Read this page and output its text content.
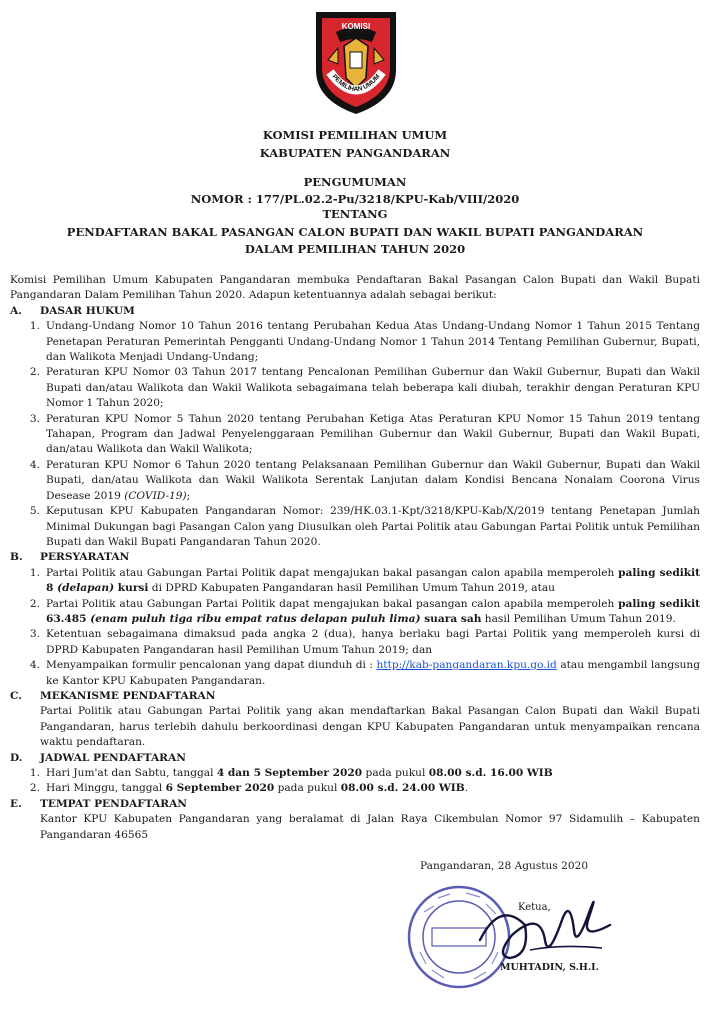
KOMISI
PEMILIHAN UMUM
KOMISI PEMILIHAN UMUM
KABUPATEN PANGANDARAN
PENGUMUMAN
NOMOR : 177/PL.02.2-Pu/3218/KPU-Kab/VIII/2020
TENTANG
PENDAFTARAN BAKAL PASANGAN CALON BUPATI DAN WAKIL BUPATI PANGANDARAN
DALAM PEMILIHAN TAHUN 2020

Komisi Pemilihan Umum Kabupaten Pangandaran membuka Pendaftaran Bakal Pasangan Calon Bupati dan Wakil Bupati Pangandaran Dalam Pemilihan Tahun 2020. Adapun ketentuannya adalah sebagai berikut:

A.	DASAR HUKUM
1. Undang-Undang Nomor 10 Tahun 2016 tentang Perubahan Kedua Atas Undang-Undang Nomor 1 Tahun 2015 Tentang Penetapan Peraturan Pemerintah Pengganti Undang-Undang Nomor 1 Tahun 2014 Tentang Pemilihan Gubernur, Bupati, dan Walikota Menjadi Undang-Undang;
2. Peraturan KPU Nomor 03 Tahun 2017 tentang Pencalonan Pemilihan Gubernur dan Wakil Gubernur, Bupati dan Wakil Bupati dan/atau Walikota dan Wakil Walikota sebagaimana telah beberapa kali diubah, terakhir dengan Peraturan KPU Nomor 1 Tahun 2020;
3. Peraturan KPU Nomor 5 Tahun 2020 tentang Perubahan Ketiga Atas Peraturan KPU Nomor 15 Tahun 2019 tentang Tahapan, Program dan Jadwal Penyelenggaraan Pemilihan Gubernur dan Wakil Gubernur, Bupati dan Wakil Bupati, dan/atau Walikota dan Wakil Walikota;
4. Peraturan KPU Nomor 6 Tahun 2020 tentang Pelaksanaan Pemilihan Gubernur dan Wakil Gubernur, Bupati dan Wakil Bupati, dan/atau Walikota dan Wakil Walikota Serentak Lanjutan dalam Kondisi Bencana Nonalam Coorona Virus Desease 2019 (COVID-19);
5. Keputusan KPU Kabupaten Pangandaran Nomor: 239/HK.03.1-Kpt/3218/KPU-Kab/X/2019 tentang Penetapan Jumlah Minimal Dukungan bagi Pasangan Calon yang Diusulkan oleh Partai Politik atau Gabungan Partai Politik untuk Pemilihan Bupati dan Wakil Bupati Pangandaran Tahun 2020.
B.	PERSYARATAN
1. Partai Politik atau Gabungan Partai Politik dapat mengajukan bakal pasangan calon apabila memperoleh paling sedikit 8 (delapan) kursi di DPRD Kabupaten Pangandaran hasil Pemilihan Umum Tahun 2019, atau
2. Partai Politik atau Gabungan Partai Politik dapat mengajukan bakal pasangan calon apabila memperoleh paling sedikit 63.485 (enam puluh tiga ribu empat ratus delapan puluh lima) suara sah hasil Pemilihan Umum Tahun 2019.
3. Ketentuan sebagaimana dimaksud pada angka 2 (dua), hanya berlaku bagi Partai Politik yang memperoleh kursi di DPRD Kabupaten Pangandaran hasil Pemilihan Umum Tahun 2019; dan
4. Menyampaikan formulir pencalonan yang dapat diunduh di : http://kab-pangandaran.kpu.go.id atau mengambil langsung ke Kantor KPU Kabupaten Pangandaran.
C.	MEKANISME PENDAFTARAN

Partai Politik atau Gabungan Partai Politik yang akan mendaftarkan Bakal Pasangan Calon Bupati dan Wakil Bupati Pangandaran, harus terlebih dahulu berkoordinasi dengan KPU Kabupaten Pangandaran untuk menyampaikan rencana waktu pendaftaran.

D.	JADWAL PENDAFTARAN
1. Hari Jum'at dan Sabtu, tanggal 4 dan 5 September 2020 pada pukul 08.00 s.d. 16.00 WIB
2. Hari Minggu, tanggal 6 September 2020 pada pukul 08.00 s.d. 24.00 WIB.
E.	TEMPAT PENDAFTARAN

Kantor KPU Kabupaten Pangandaran yang beralamat di Jalan Raya Cikembulan Nomor 97 Sidamulih – Kabupaten Pangandaran 46565

Pangandaran, 28 Agustus 2020
Ketua,
MUHTADIN, S.H.I.
